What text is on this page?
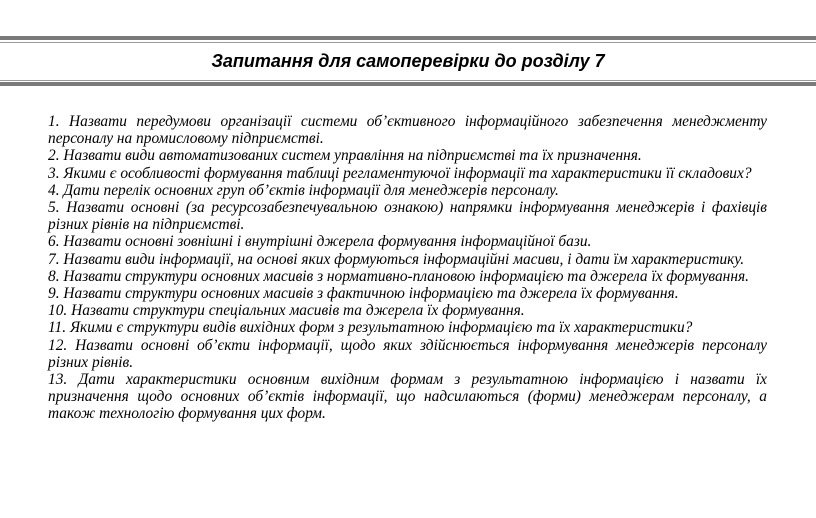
Запитання для самоперевірки до розділу 7
1. Назвати передумови організації системи об’єктивного інформаційного забезпечення менеджменту персоналу на промисловому підприємстві.
2. Назвати види автоматизованих систем управління на підприємстві та їх призначення.
3. Якими є особливості формування таблиці регламентуючої інформації та характеристики її складових?
4. Дати перелік основних груп об’єктів інформації для менеджерів персоналу.
5. Назвати основні (за ресурсозабезпечувальною ознакою) напрямки інформування менеджерів і фахівців різних рівнів на підприємстві.
6. Назвати основні зовнішні і внутрішні джерела формування інформаційної бази.
7. Назвати види інформації, на основі яких формуються інформаційні масиви, і дати їм характеристику.
8. Назвати структури основних масивів з нормативно-плановою інформацією та джерела їх формування.
9. Назвати структури основних масивів з фактичною інформацією та джерела їх формування.
10. Назвати структури спеціальних масивів та джерела їх формування.
11. Якими є структури видів вихідних форм з результатною інформацією та їх характеристики?
12. Назвати основні об’єкти інформації, щодо яких здійснюється інформування менеджерів персоналу різних рівнів.
13. Дати характеристики основним вихідним формам з результатною інформацією і назвати їх призначення щодо основних об’єктів інформації, що надсилаються (форми) менеджерам персоналу, а також технологію формування цих форм.
